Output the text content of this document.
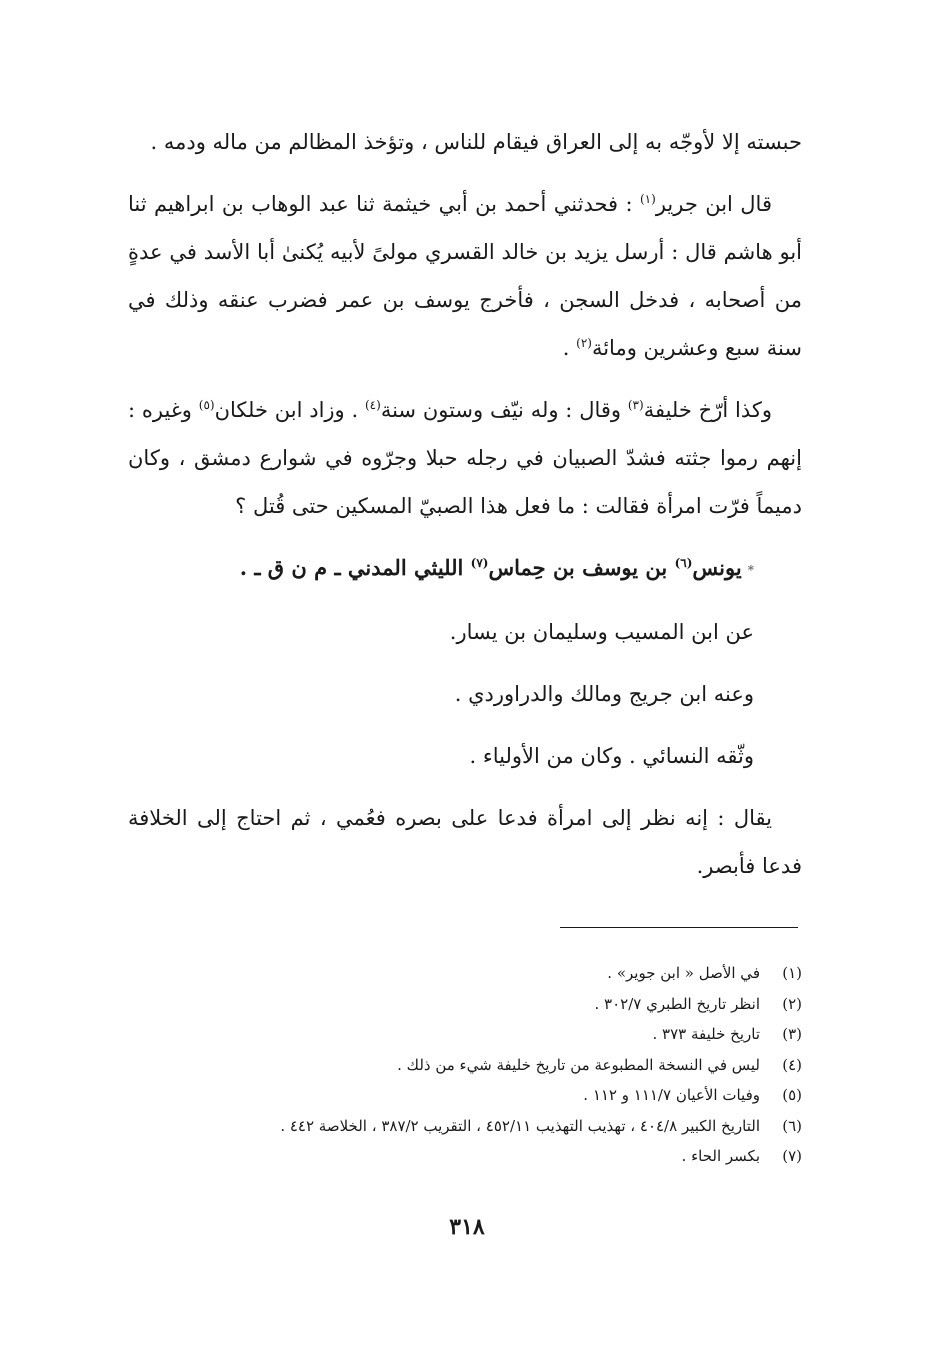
حبسته إلا لأوجّه به إلى العراق فيقام للناس ، وتؤخذ المظالم من ماله ودمه .

قال ابن جرير$^{(١)}$ : فحدثني أحمد بن أبي خيثمة ثنا عبد الوهاب بن ابراهيم ثنا أبو هاشم قال : أرسل يزيد بن خالد القسري مولىً لأبيه يُكنىٰ أبا الأسد في عدةٍ من أصحابه ، فدخل السجن ، فأخرج يوسف بن عمر فضرب عنقه وذلك في سنة سبع وعشرين ومائة$^{(٢)}$ .

وكذا أرّخ خليفة$^{(٣)}$ وقال : وله نيّف وستون سنة$^{(٤)}$ . وزاد ابن خلكان$^{(٥)}$ وغيره : إنهم رموا جثته فشدّ الصبيان في رجله حبلا وجرّوه في شوارع دمشق ، وكان دميماً فرّت امرأة فقالت : ما فعل هذا الصبيّ المسكين حتى قُتل ؟

*يونس$^{(٦)}$ بن يوسف بن حِماس$^{(٧)}$ الليثي المدني ـ م ن ق ـ .

عن ابن المسيب وسليمان بن يسار.

وعنه ابن جريج ومالك والدراوردي .

وثّقه النسائي . وكان من الأولياء .

يقال : إنه نظر إلى امرأة فدعا على بصره فعُمي ، ثم احتاج إلى الخلافة فدعا فأبصر.

(١)في الأصل « ابن جوير» .
(٢)انظر تاريخ الطبري ٣٠٢/٧ .
(٣)تاريخ خليفة ٣٧٣ .
(٤)ليس في النسخة المطبوعة من تاريخ خليفة شيء من ذلك .
(٥)وفيات الأعيان ١١١/٧ و ١١٢ .
(٦)التاريخ الكبير ٤٠٤/٨ ، تهذيب التهذيب ٤٥٢/١١ ، التقريب ٣٨٧/٢ ، الخلاصة ٤٤٢ .
(٧)بكسر الحاء .
٣١٨
